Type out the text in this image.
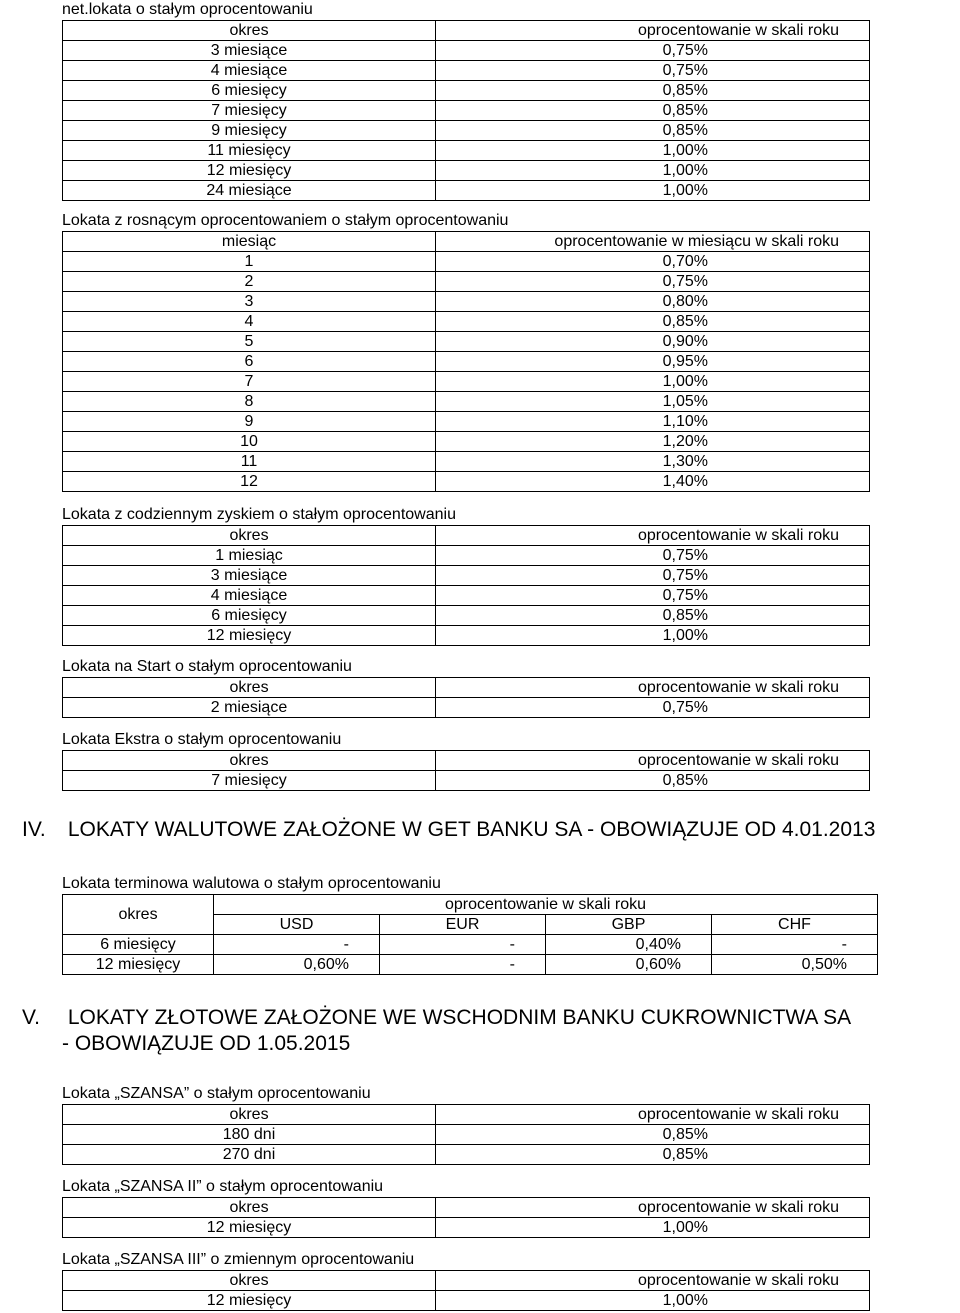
net.lokata o stałym oprocentowaniu
okres	oprocentowanie w skali roku
3 miesiące	0,75%
4 miesiące	0,75%
6 miesięcy	0,85%
7 miesięcy	0,85%
9 miesięcy	0,85%
11 miesięcy	1,00%
12 miesięcy	1,00%
24 miesiące	1,00%
Lokata z rosnącym oprocentowaniem o stałym oprocentowaniu
miesiąc	oprocentowanie w miesiącu w skali roku
1	0,70%
2	0,75%
3	0,80%
4	0,85%
5	0,90%
6	0,95%
7	1,00%
8	1,05%
9	1,10%
10	1,20%
11	1,30%
12	1,40%
Lokata z codziennym zyskiem o stałym oprocentowaniu
okres	oprocentowanie w skali roku
1 miesiąc	0,75%
3 miesiące	0,75%
4 miesiące	0,75%
6 miesięcy	0,85%
12 miesięcy	1,00%
Lokata na Start o stałym oprocentowaniu
okres	oprocentowanie w skali roku
2 miesiące	0,75%
Lokata Ekstra o stałym oprocentowaniu
okres	oprocentowanie w skali roku
7 miesięcy	0,85%
IV. LOKATY WALUTOWE ZAŁOŻONE W GET BANKU SA - OBOWIĄZUJE OD 4.01.2013
Lokata terminowa walutowa o stałym oprocentowaniu
okres	oprocentowanie w skali roku			
	USD	EUR	GBP	CHF
6 miesięcy	-	-	0,40%	-
12 miesięcy	0,60%	-	0,60%	0,50%
V. LOKATY ZŁOTOWE ZAŁOŻONE WE WSCHODNIM BANKU CUKROWNICTWA SA
- OBOWIĄZUJE OD 1.05.2015
Lokata „SZANSA” o stałym oprocentowaniu
okres	oprocentowanie w skali roku
180 dni	0,85%
270 dni	0,85%
Lokata „SZANSA II” o stałym oprocentowaniu
okres	oprocentowanie w skali roku
12 miesięcy	1,00%
Lokata „SZANSA III” o zmiennym oprocentowaniu
okres	oprocentowanie w skali roku
12 miesięcy	1,00%
